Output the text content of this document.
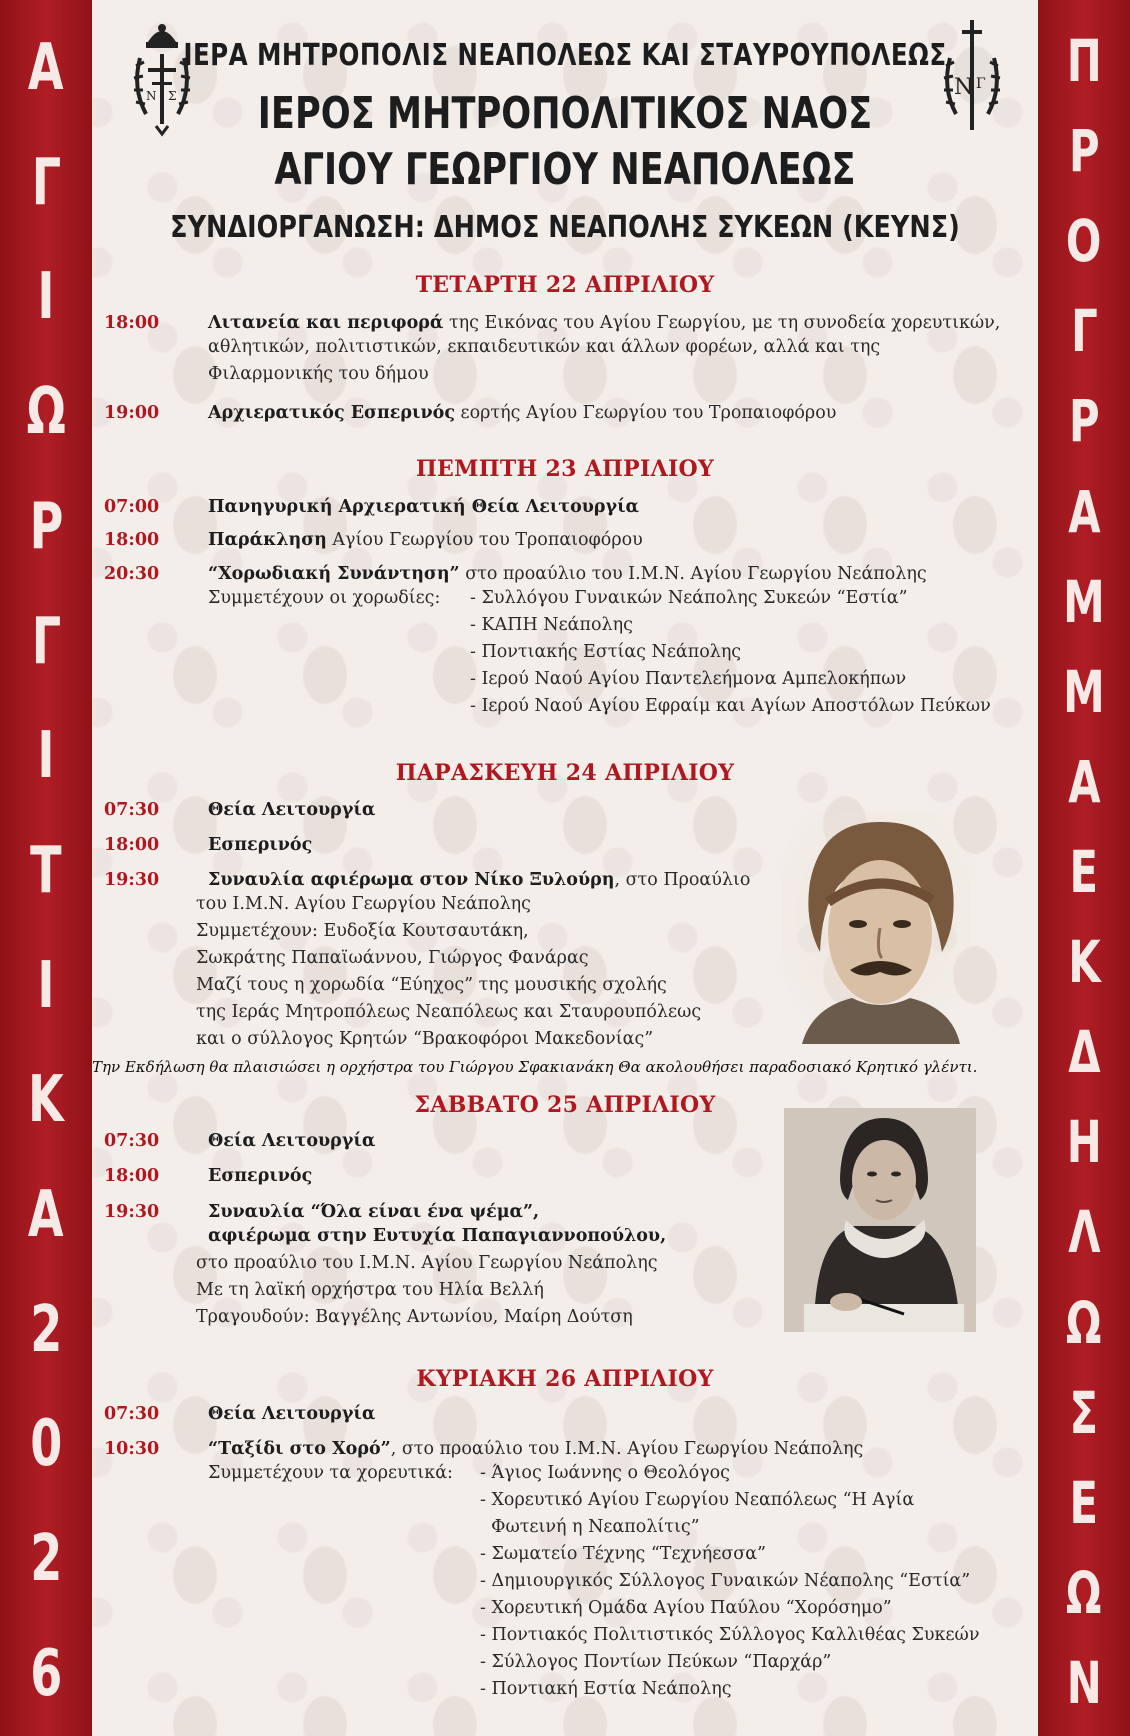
Α
Γ
Ι
Ω
Ρ
Γ
Ι
Τ
Ι
Κ
Α
2
0
2
6
Π
Ρ
Ο
Γ
Ρ
Α
Μ
Μ
Α
Ε
Κ
Δ
Η
Λ
Ω
Σ
Ε
Ω
Ν
N Σ	N Γ
ΙΕΡΑ ΜΗΤΡΟΠΟΛΙΣ ΝΕΑΠΟΛΕΩΣ ΚΑΙ ΣΤΑΥΡΟΥΠΟΛΕΩΣ
ΙΕΡΟΣ ΜΗΤΡΟΠΟΛΙΤΙΚΟΣ ΝΑΟΣ
ΑΓΙΟΥ ΓΕΩΡΓΙΟΥ ΝΕΑΠΟΛΕΩΣ
ΣΥΝΔΙΟΡΓΑΝΩΣΗ: ΔΗΜΟΣ ΝΕΑΠΟΛΗΣ ΣΥΚΕΩΝ (ΚΕΥΝΣ)
ΤΕΤΑΡΤΗ 22 ΑΠΡΙΛΙΟΥ
18:00	Λιτανεία και περιφορά της Εικόνας του Αγίου Γεωργίου, με τη συνοδεία χορευτικών,
αθλητικών, πολιτιστικών, εκπαιδευτικών και άλλων φορέων, αλλά και της
Φιλαρμονικής του δήμου
19:00	Αρχιερατικός Εσπερινός εορτής Αγίου Γεωργίου του Τροπαιοφόρου
ΠΕΜΠΤΗ 23 ΑΠΡΙΛΙΟΥ
07:00	Πανηγυρική Αρχιερατική Θεία Λειτουργία
18:00	Παράκληση Αγίου Γεωργίου του Τροπαιοφόρου
20:30	“Χορωδιακή Συνάντηση” στο προαύλιο του Ι.Μ.Ν. Αγίου Γεωργίου Νεάπολης
Συμμετέχουν οι χορωδίες: - Συλλόγου Γυναικών Νεάπολης Συκεών “Εστία”
- ΚΑΠΗ Νεάπολης
- Ποντιακής Εστίας Νεάπολης
- Ιερού Ναού Αγίου Παντελεήμονα Αμπελοκήπων
- Ιερού Ναού Αγίου Εφραίμ και Αγίων Αποστόλων Πεύκων
ΠΑΡΑΣΚΕΥΗ 24 ΑΠΡΙΛΙΟΥ
07:30	Θεία Λειτουργία
18:00	Εσπερινός
19:30	Συναυλία αφιέρωμα στον Νίκο Ξυλούρη, στο Προαύλιο
του Ι.Μ.Ν. Αγίου Γεωργίου Νεάπολης
Συμμετέχουν: Ευδοξία Κουτσαυτάκη,
Σωκράτης Παπαϊωάννου, Γιώργος Φανάρας
Μαζί τους η χορωδία “Εύηχος” της μουσικής σχολής
της Ιεράς Μητροπόλεως Νεαπόλεως και Σταυρουπόλεως
και ο σύλλογος Κρητών “Βρακοφόροι Μακεδονίας”
Την Εκδήλωση θα πλαισιώσει η ορχήστρα του Γιώργου Σφακιανάκη Θα ακολουθήσει παραδοσιακό Κρητικό γλέντι.
ΣΑΒΒΑΤΟ 25 ΑΠΡΙΛΙΟΥ
07:30	Θεία Λειτουργία
18:00	Εσπερινός
19:30	Συναυλία “Όλα είναι ένα ψέμα”,
αφιέρωμα στην Ευτυχία Παπαγιαννοπούλου,
στο προαύλιο του Ι.Μ.Ν. Αγίου Γεωργίου Νεάπολης
Με τη λαϊκή ορχήστρα του Ηλία Βελλή
Τραγουδούν: Βαγγέλης Αντωνίου, Μαίρη Δούτση
ΚΥΡΙΑΚΗ 26 ΑΠΡΙΛΙΟΥ
07:30	Θεία Λειτουργία
10:30	“Ταξίδι στο Χορό”, στο προαύλιο του Ι.Μ.Ν. Αγίου Γεωργίου Νεάπολης
Συμμετέχουν τα χορευτικά: - Άγιος Ιωάννης ο Θεολόγος
- Χορευτικό Αγίου Γεωργίου Νεαπόλεως “Η Αγία
Φωτεινή η Νεαπολίτις”
- Σωματείο Τέχνης “Τεχνήεσσα”
- Δημιουργικός Σύλλογος Γυναικών Νέαπολης “Εστία”
- Χορευτική Ομάδα Αγίου Παύλου “Χορόσημο”
- Ποντιακός Πολιτιστικός Σύλλογος Καλλιθέας Συκεών
- Σύλλογος Ποντίων Πεύκων “Παρχάρ”
- Ποντιακή Εστία Νεάπολης
